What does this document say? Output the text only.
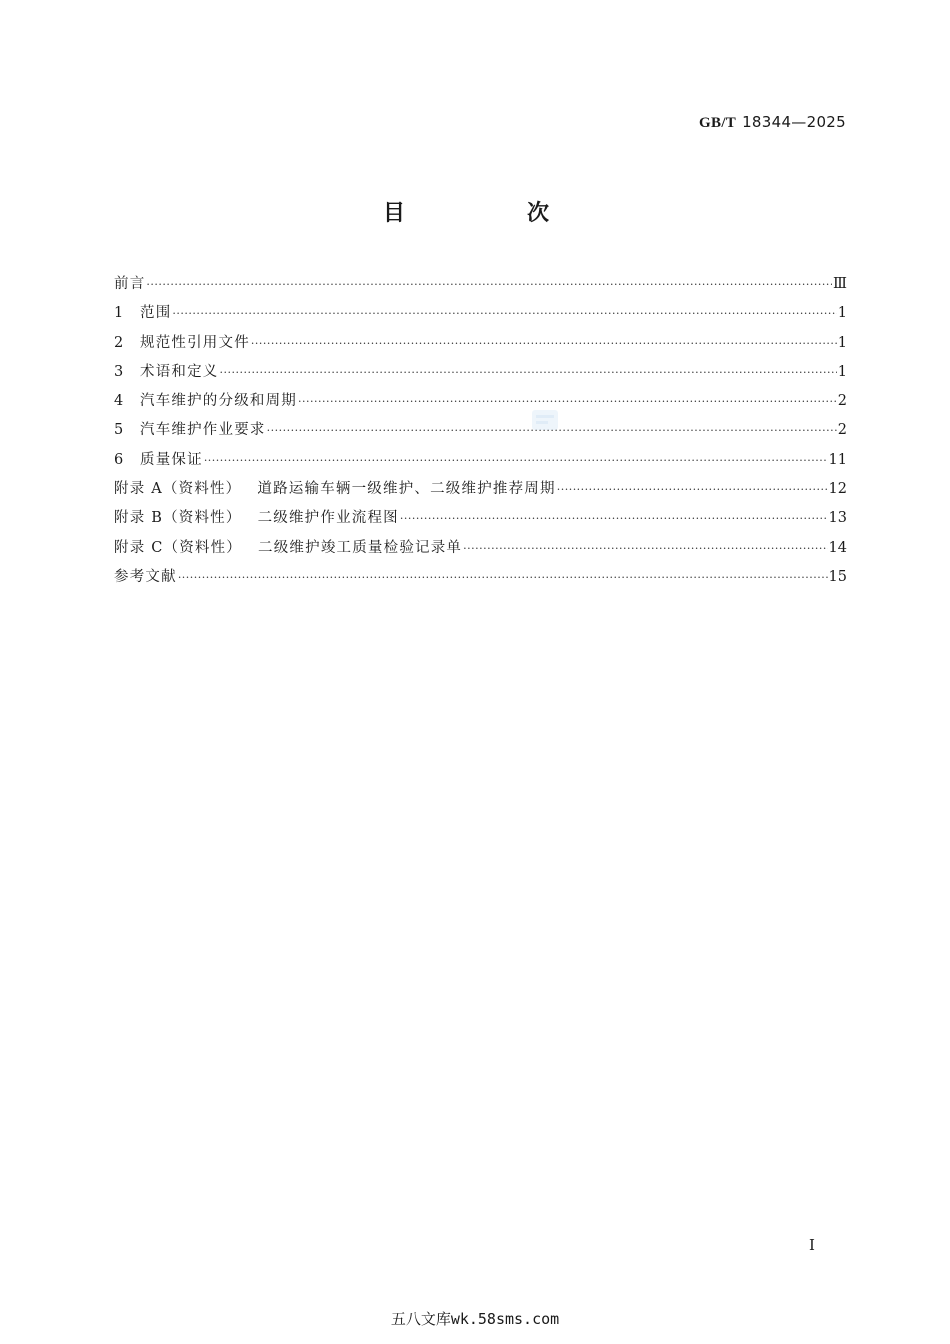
GB/T 18344—2025
目　次
前言 ·····	Ⅲ
1	范围 ·····	1
2	规范性引用文件 ·····	1
3	术语和定义 ·····	1
4	汽车维护的分级和周期 ·····	2
5	汽车维护作业要求 ·····	2
6	质量保证 ·····	11
附录 A（资料性） 道路运输车辆一级维护、二级维护推荐周期 ·····	12
附录 B（资料性） 二级维护作业流程图 ·····	13
附录 C（资料性） 二级维护竣工质量检验记录单 ·····	14
参考文献 ·····	15
Ⅰ
五八文库wk.58sms.com
